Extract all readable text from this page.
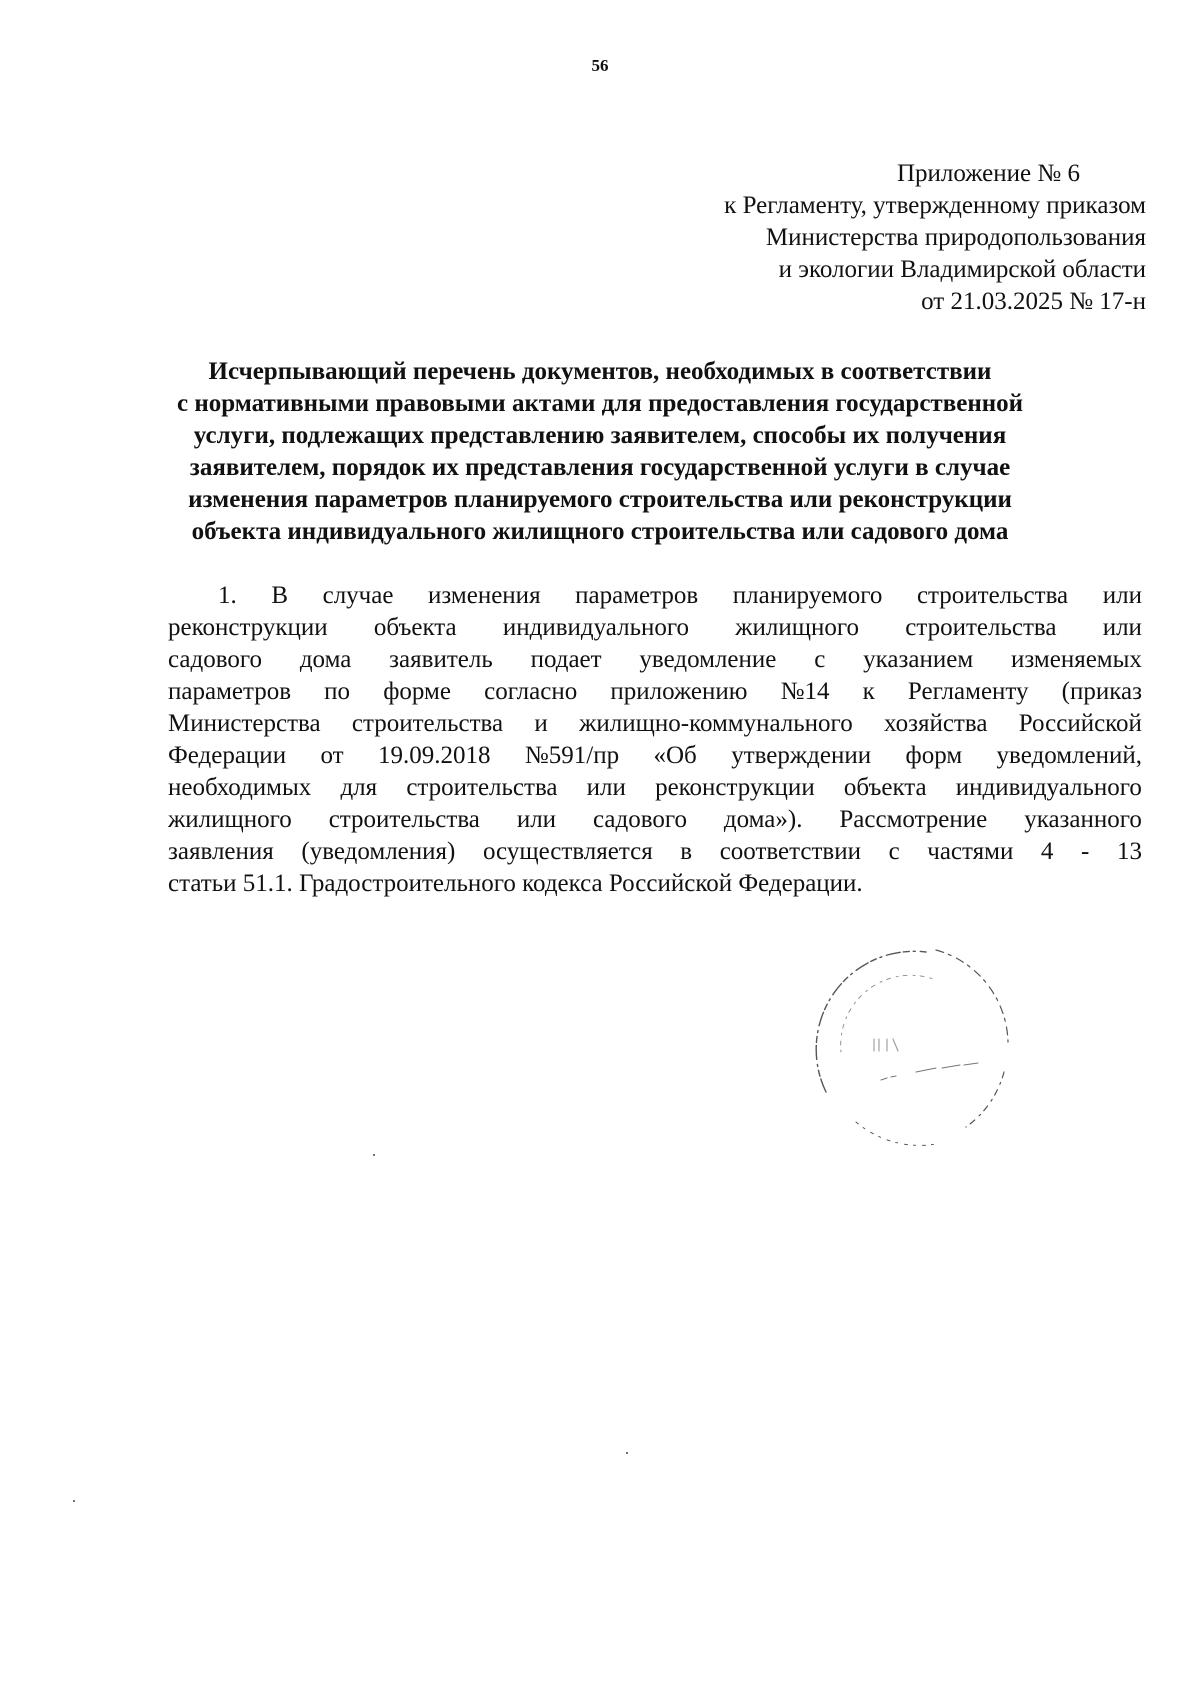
56
Приложение № 6
к Регламенту, утвержденному приказом
Министерства природопользования
и экологии Владимирской области
от 21.03.2025 № 17-н
Исчерпывающий перечень документов, необходимых в соответствии
с нормативными правовыми актами для предоставления государственной
услуги, подлежащих представлению заявителем, способы их получения
заявителем, порядок их представления государственной услуги в случае
изменения параметров планируемого строительства или реконструкции
объекта индивидуального жилищного строительства или садового дома
1. В случае изменения параметров планируемого строительства или
реконструкции объекта индивидуального жилищного строительства или
садового дома заявитель подает уведомление с указанием изменяемых
параметров по форме согласно приложению №14 к Регламенту (приказ
Министерства строительства и жилищно-коммунального хозяйства Российской
Федерации от 19.09.2018 №591/пр «Об утверждении форм уведомлений,
необходимых для строительства или реконструкции объекта индивидуального
жилищного строительства или садового дома»). Рассмотрение указанного
заявления (уведомления) осуществляется в соответствии с частями 4 - 13
статьи 51.1. Градостроительного кодекса Российской Федерации.
